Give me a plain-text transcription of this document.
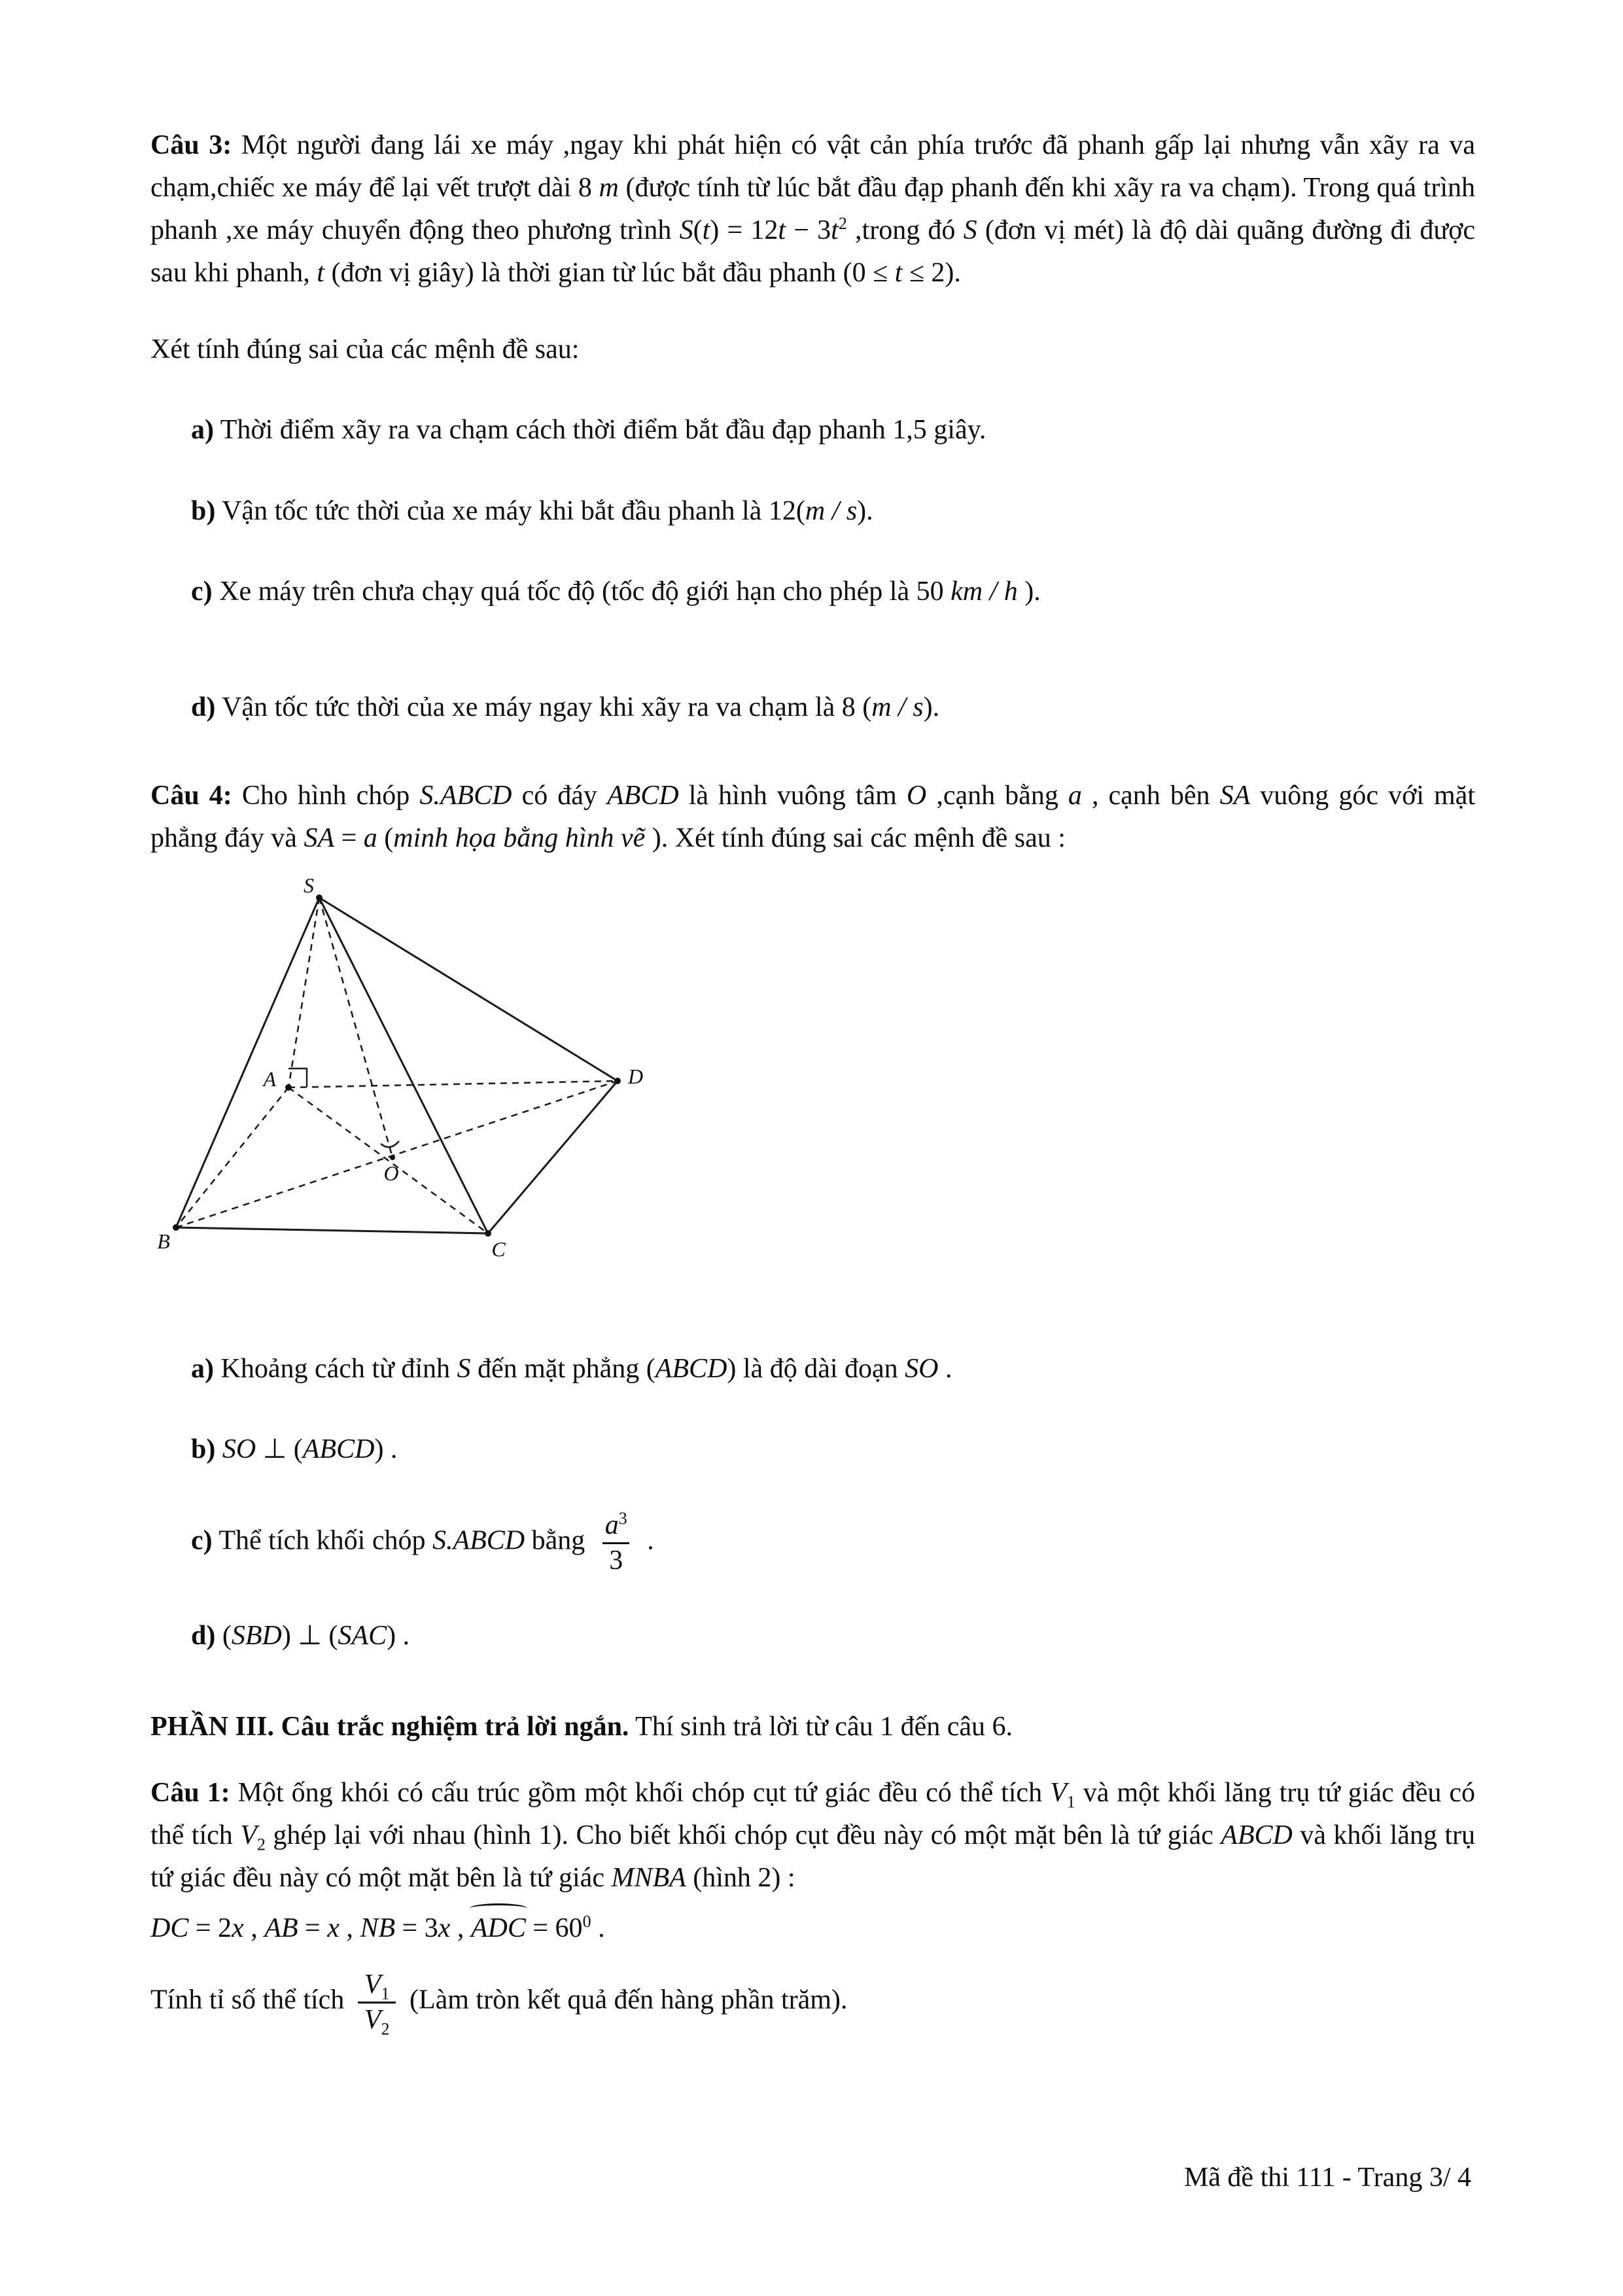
Câu 3: Một người đang lái xe máy ,ngay khi phát hiện có vật cản phía trước đã phanh gấp lại nhưng vẫn xãy ra va chạm,chiếc xe máy để lại vết trượt dài 8 m (được tính từ lúc bắt đầu đạp phanh đến khi xãy ra va chạm). Trong quá trình phanh ,xe máy chuyển động theo phương trình $S(t) = 12t - 3t^2$ ,trong đó S (đơn vị mét) là độ dài quãng đường đi được sau khi phanh, t (đơn vị giây) là thời gian từ lúc bắt đầu phanh (0 ≤ t ≤ 2).

Xét tính đúng sai của các mệnh đề sau:

a) Thời điểm xãy ra va chạm cách thời điểm bắt đầu đạp phanh 1,5 giây.

b) Vận tốc tức thời của xe máy khi bắt đầu phanh là 12(m / s).

c) Xe máy trên chưa chạy quá tốc độ (tốc độ giới hạn cho phép là 50 km / h ).

d) Vận tốc tức thời của xe máy ngay khi xãy ra va chạm là 8 (m / s).

Câu 4: Cho hình chóp S.ABCD có đáy ABCD là hình vuông tâm O ,cạnh bằng a , cạnh bên SA vuông góc với mặt phẳng đáy và SA = a (minh họa bằng hình vẽ ). Xét tính đúng sai các mệnh đề sau :

S
A
B	C
D
O

a) Khoảng cách từ đỉnh S đến mặt phẳng (ABCD) là độ dài đoạn SO .

b) SO ⊥ (ABCD) .

c) Thể tích khối chóp S.ABCD bằng $\frac{a^3}{3}$ .

d) (SBD) ⊥ (SAC) .

PHẦN III. Câu trắc nghiệm trả lời ngắn. Thí sinh trả lời từ câu 1 đến câu 6.

Câu 1: Một ống khói có cấu trúc gồm một khối chóp cụt tứ giác đều có thể tích $V_1$ và một khối lăng trụ tứ giác đều có thể tích $V_2$ ghép lại với nhau (hình 1). Cho biết khối chóp cụt đều này có một mặt bên là tứ giác ABCD và khối lăng trụ tứ giác đều này có một mặt bên là tứ giác MNBA (hình 2) :

DC = 2x , AB = x , NB = 3x , ADC = $60^0$ .

Tính tỉ số thể tích $\frac{V_1}{V_2}$ (Làm tròn kết quả đến hàng phần trăm).

Mã đề thi 111 - Trang 3/ 4
